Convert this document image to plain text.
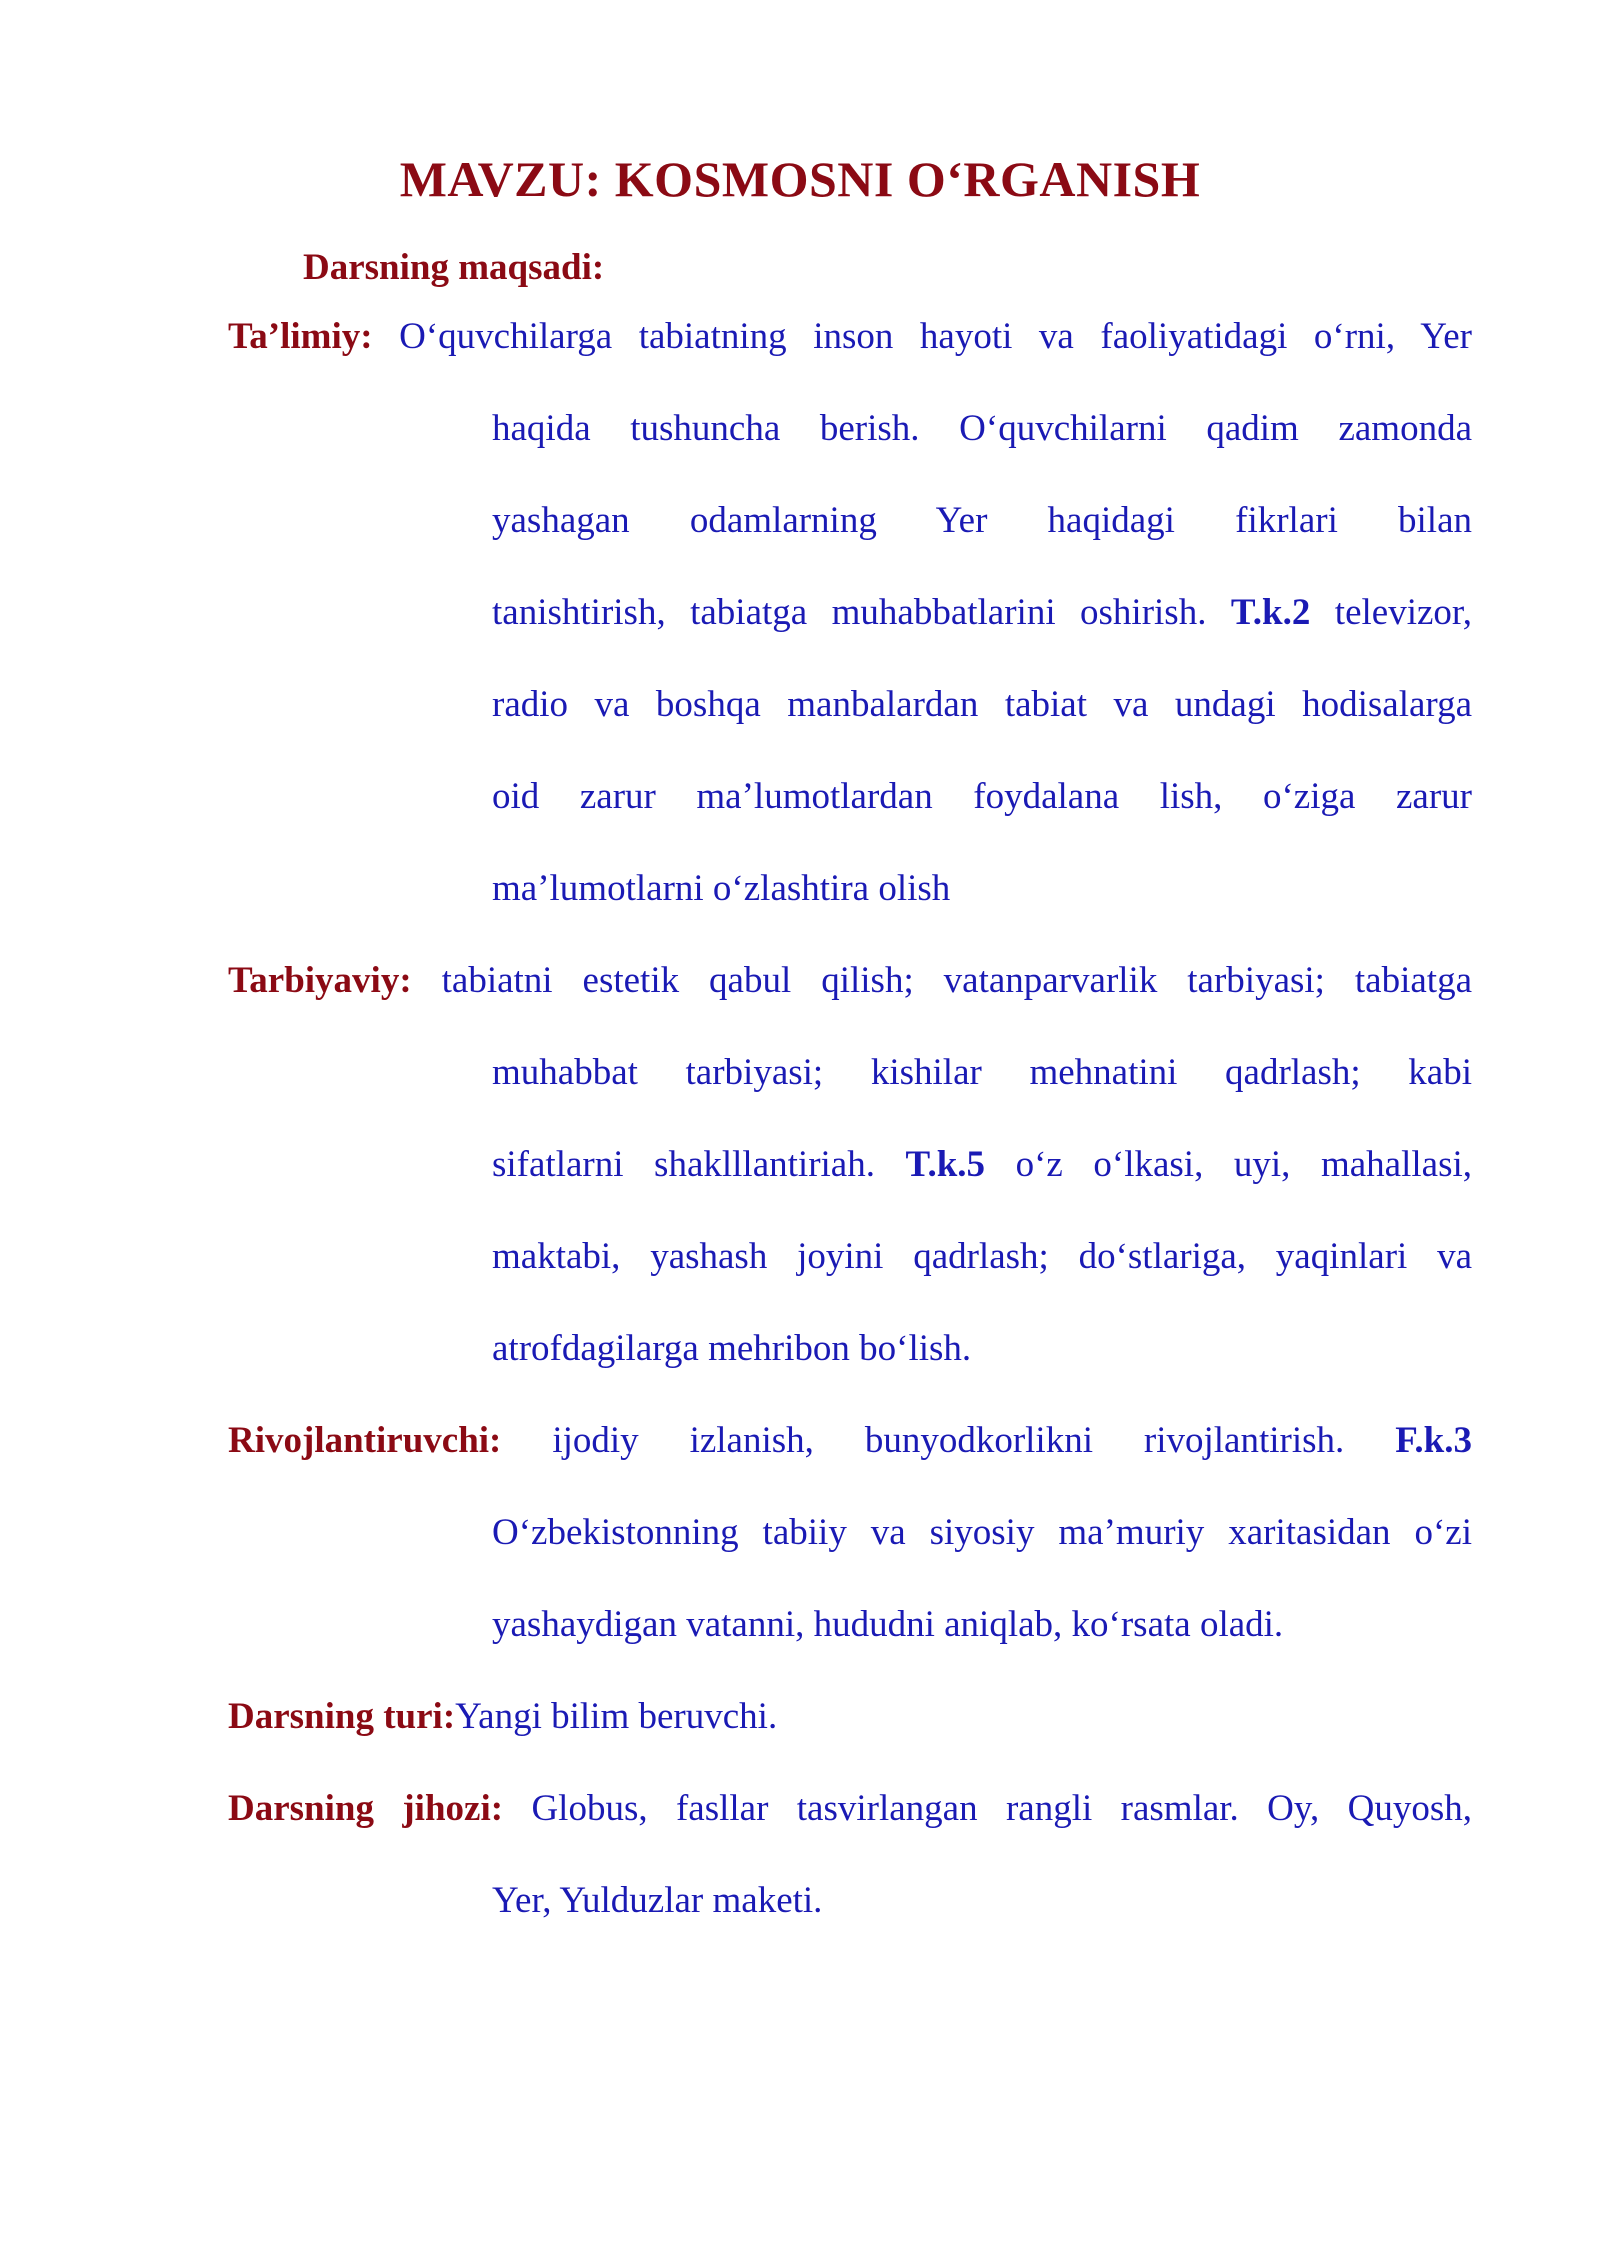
MAVZU: KOSMOSNI O‘RGANISH
Darsning maqsadi:
Ta’limiy: O‘quvchilarga tabiatning inson hayoti va faoliyatidagi o‘rni, Yer
haqida tushuncha berish. O‘quvchilarni qadim zamonda
yashagan odamlarning Yer haqidagi fikrlari bilan
tanishtirish, tabiatga muhabbatlarini oshirish. T.k.2 televizor,
radio va boshqa manbalardan tabiat va undagi hodisalarga
oid zarur ma’lumotlardan foydalana lish, o‘ziga zarur
ma’lumotlarni o‘zlashtira olish
Tarbiyaviy: tabiatni estetik qabul qilish; vatanparvarlik tarbiyasi; tabiatga
muhabbat tarbiyasi; kishilar mehnatini qadrlash; kabi
sifatlarni shaklllantiriah. T.k.5 o‘z o‘lkasi, uyi, mahallasi,
maktabi, yashash joyini qadrlash; do‘stlariga, yaqinlari va
atrofdagilarga mehribon bo‘lish.
Rivojlantiruvchi: ijodiy izlanish, bunyodkorlikni rivojlantirish. F.k.3
O‘zbekistonning tabiiy va siyosiy ma’muriy xaritasidan o‘zi
yashaydigan vatanni, hududni aniqlab, ko‘rsata oladi.
Darsning turi:Yangi bilim beruvchi.
Darsning jihozi: Globus, fasllar tasvirlangan rangli rasmlar. Oy, Quyosh,
Yer, Yulduzlar maketi.
